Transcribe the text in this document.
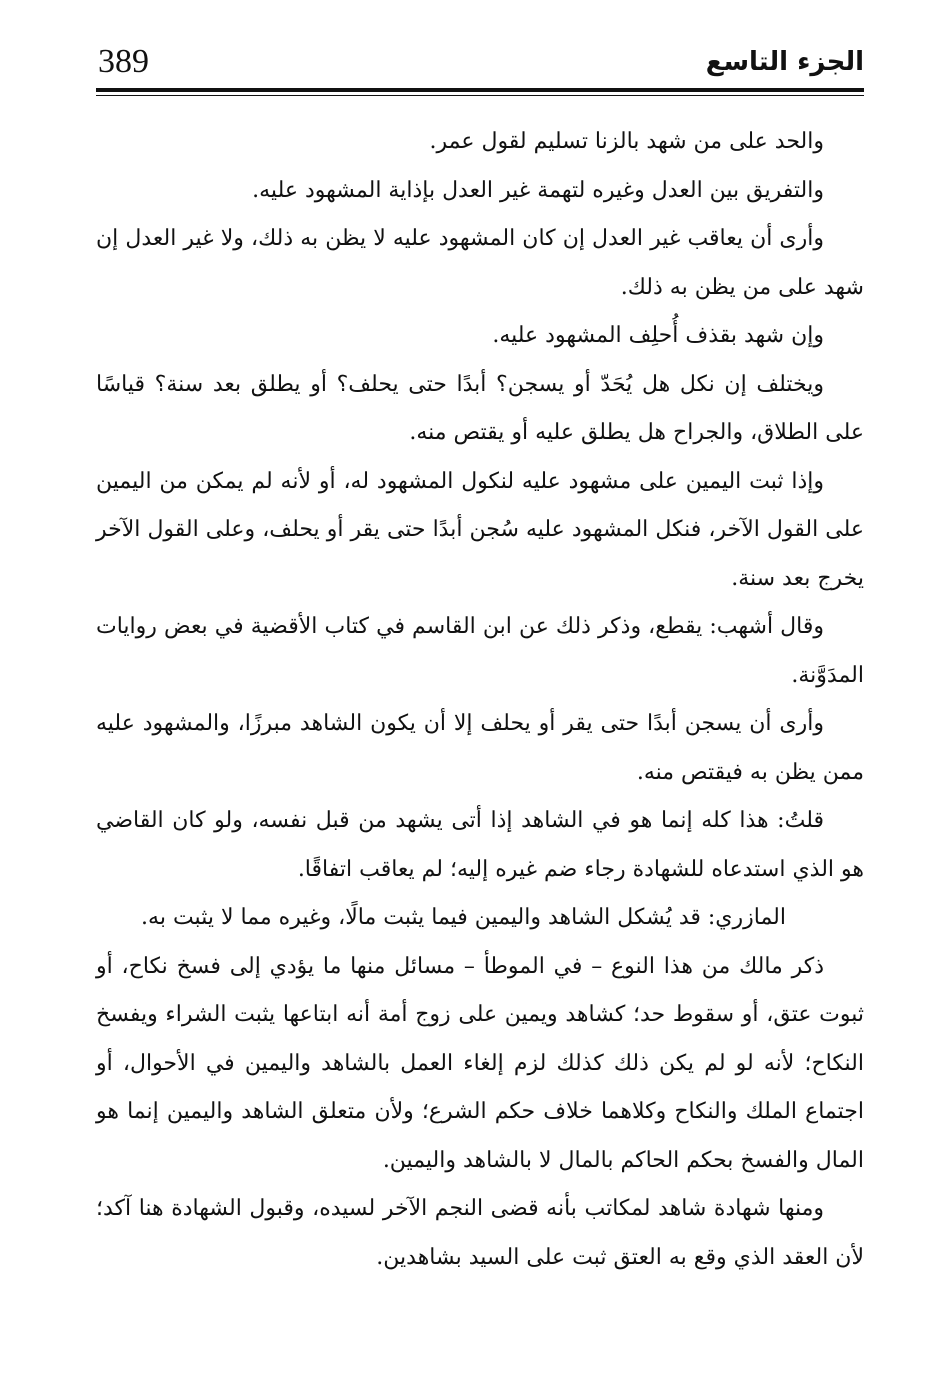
389	الجزء التاسع

والحد على من شهد بالزنا تسليم لقول عمر.

والتفريق بين العدل وغيره لتهمة غير العدل بإذاية المشهود عليه.

وأرى أن يعاقب غير العدل إن كان المشهود عليه لا يظن به ذلك، ولا غير العدل إن شهد على من يظن به ذلك.

وإن شهد بقذف أُحلِف المشهود عليه.

ويختلف إن نكل هل يُحَدّ أو يسجن؟ أبدًا حتى يحلف؟ أو يطلق بعد سنة؟ قياسًا على الطلاق، والجراح هل يطلق عليه أو يقتص منه.

وإذا ثبت اليمين على مشهود عليه لنكول المشهود له، أو لأنه لم يمكن من اليمين على القول الآخر، فنكل المشهود عليه سُجن أبدًا حتى يقر أو يحلف، وعلى القول الآخر يخرج بعد سنة.

وقال أشهب: يقطع، وذكر ذلك عن ابن القاسم في كتاب الأقضية في بعض روايات المدَوَّنة.

وأرى أن يسجن أبدًا حتى يقر أو يحلف إلا أن يكون الشاهد مبرزًا، والمشهود عليه ممن يظن به فيقتص منه.

قلتُ: هذا كله إنما هو في الشاهد إذا أتى يشهد من قبل نفسه، ولو كان القاضي هو الذي استدعاه للشهادة رجاء ضم غيره إليه؛ لم يعاقب اتفاقًا.

المازري: قد يُشكل الشاهد واليمين فيما يثبت مالًا، وغيره مما لا يثبت به.

ذكر مالك من هذا النوع – في الموطأ – مسائل منها ما يؤدي إلى فسخ نكاح، أو ثبوت عتق، أو سقوط حد؛ كشاهد ويمين على زوج أمة أنه ابتاعها يثبت الشراء ويفسخ النكاح؛ لأنه لو لم يكن ذلك كذلك لزم إلغاء العمل بالشاهد واليمين في الأحوال، أو اجتماع الملك والنكاح وكلاهما خلاف حكم الشرع؛ ولأن متعلق الشاهد واليمين إنما هو المال والفسخ بحكم الحاكم بالمال لا بالشاهد واليمين.

ومنها شهادة شاهد لمكاتب بأنه قضى النجم الآخر لسيده، وقبول الشهادة هنا آكد؛ لأن العقد الذي وقع به العتق ثبت على السيد بشاهدين.
